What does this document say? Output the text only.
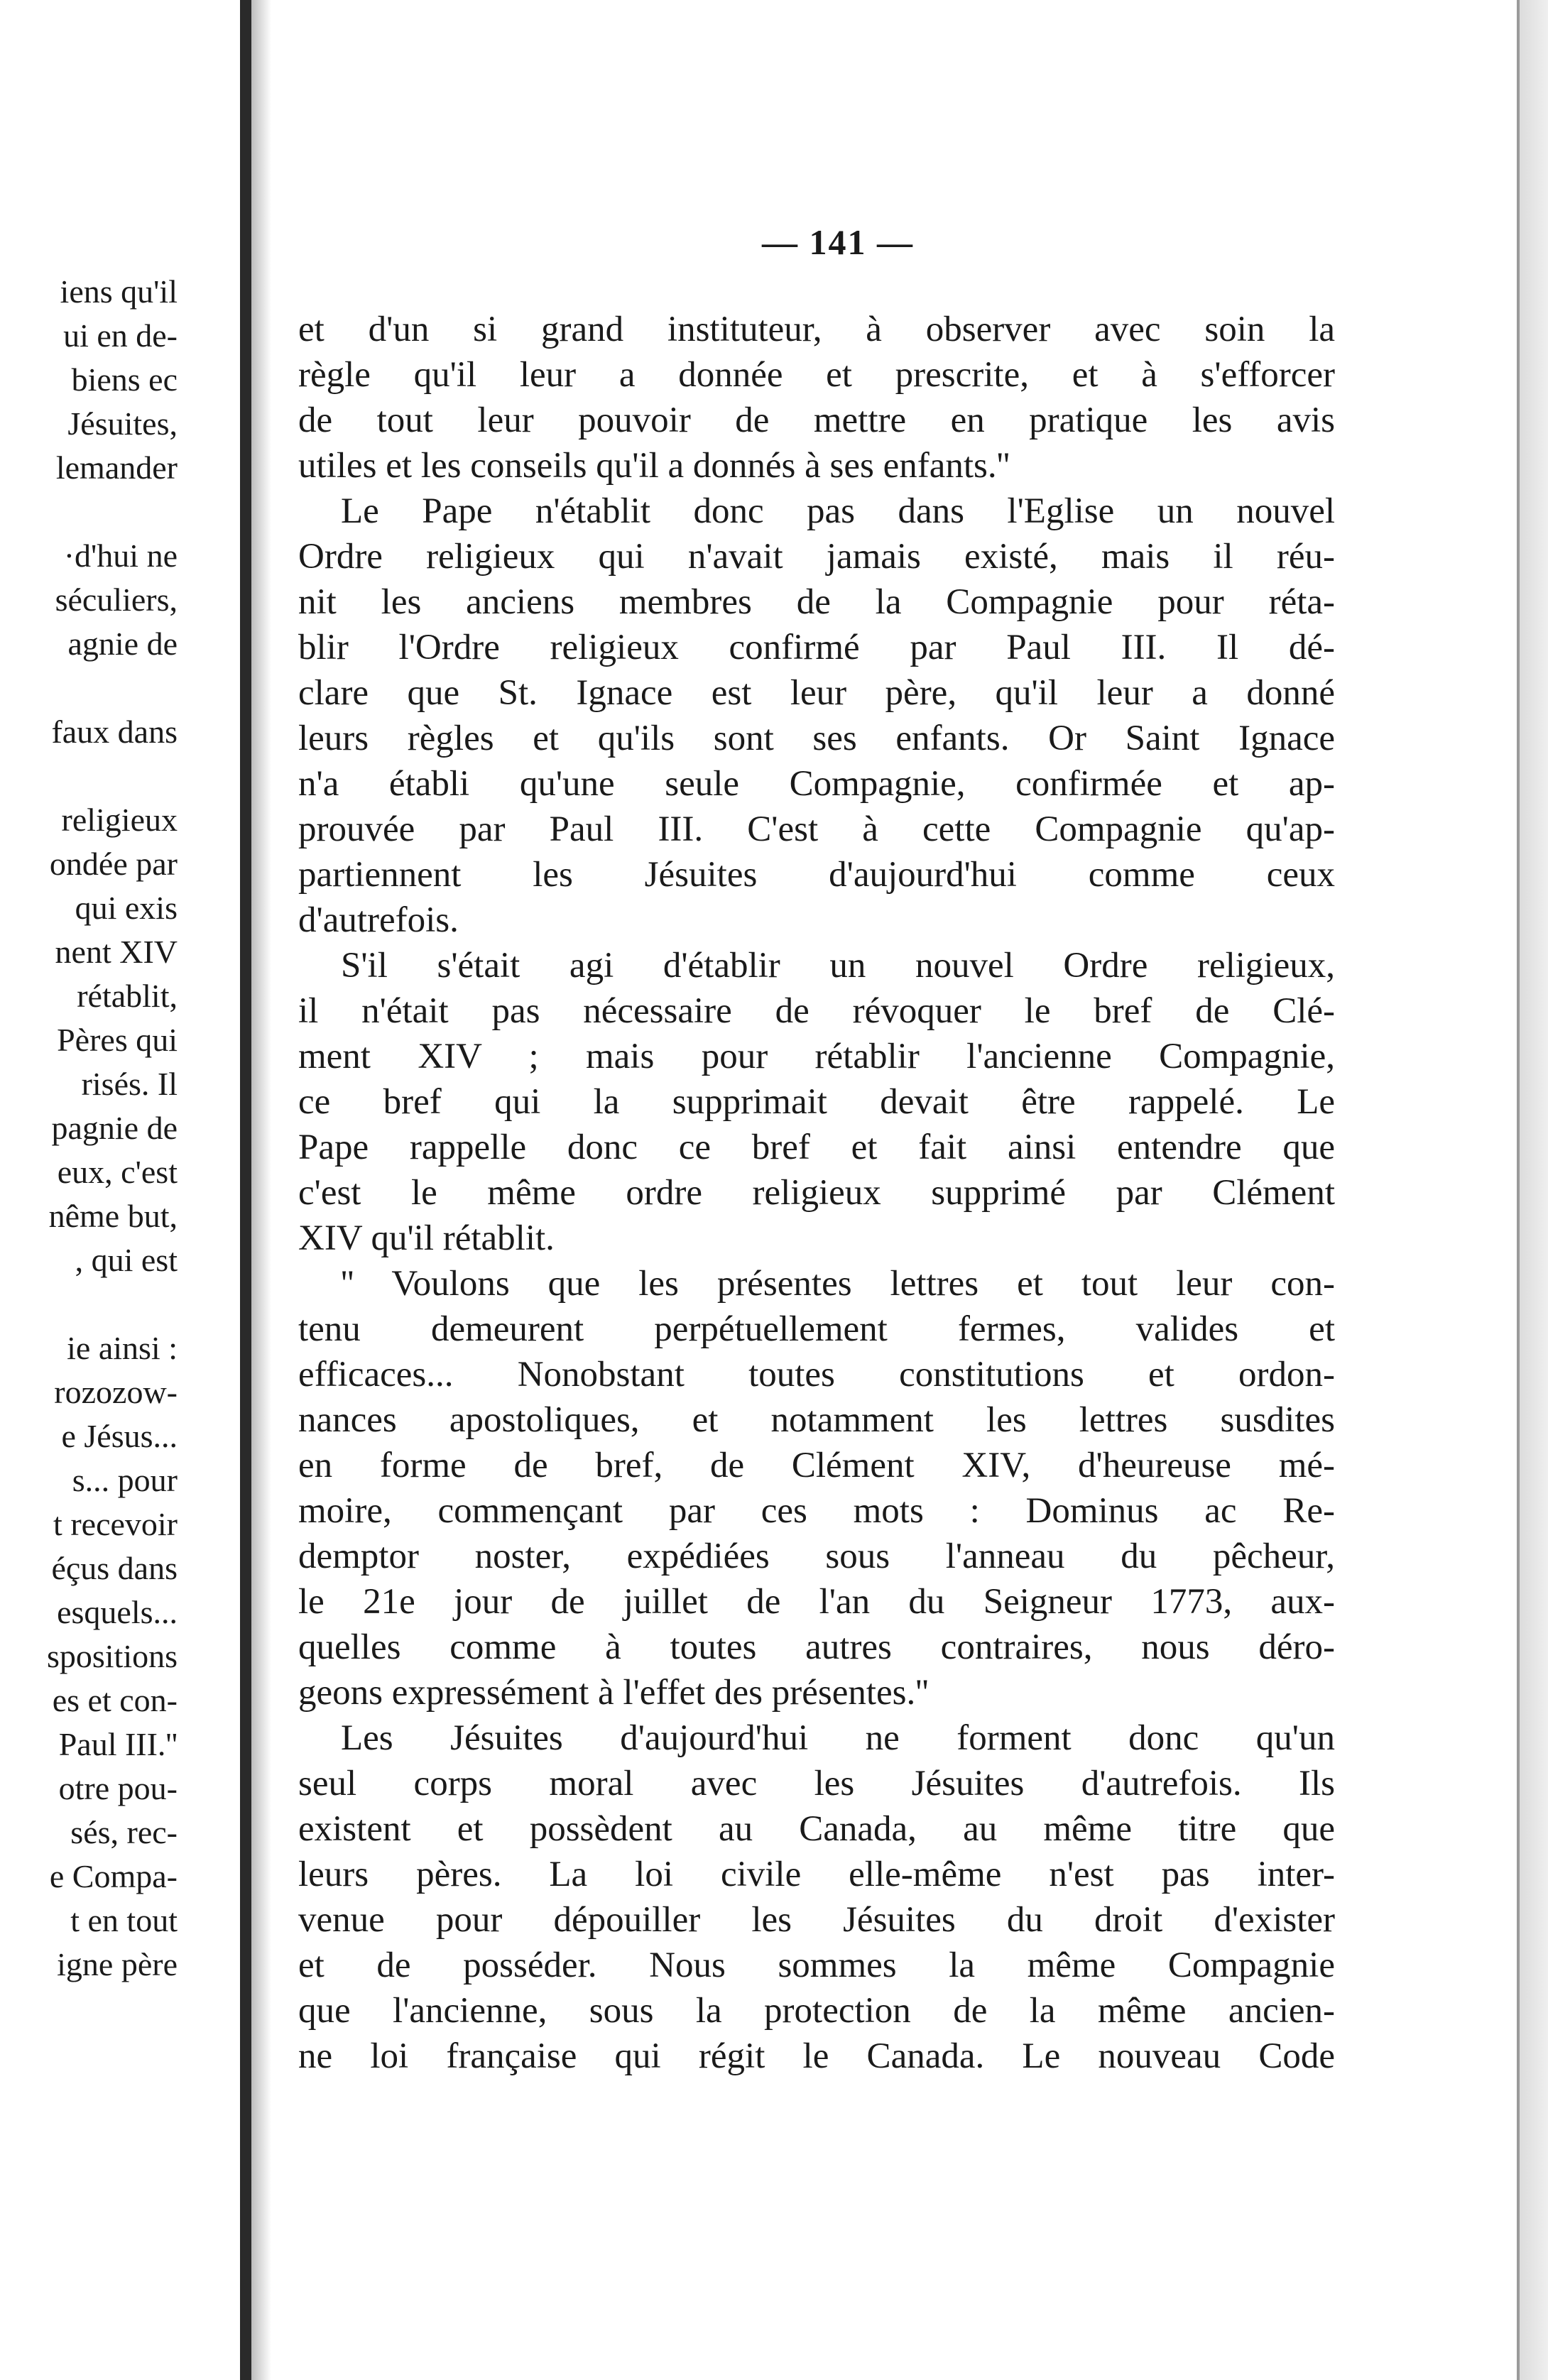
iens qu'il
ui en de-
biens ec
Jésuites,
lemander
·d'hui ne
séculiers,
agnie de
faux dans
religieux
ondée par
qui exis
nent XIV
rétablit,
Pères qui
risés. Il
pagnie de
eux, c'est
nême but,
, qui est
ie ainsi :
rozozow-
e Jésus...
s... pour
t recevoir
éçus dans
esquels...
spositions
es et con-
Paul III.''
otre pou-
sés, rec-
e Compa-
t en tout
igne père
— 141 —
et d'un si grand instituteur, à observer avec soin la
règle qu'il leur a donnée et prescrite, et à s'efforcer
de tout leur pouvoir de mettre en pratique les avis
utiles et les conseils qu'il a donnés à ses enfants.''
Le Pape n'établit donc pas dans l'Eglise un nouvel
Ordre religieux qui n'avait jamais existé, mais il réu-
nit les anciens membres de la Compagnie pour réta-
blir l'Ordre religieux confirmé par Paul III. Il dé-
clare que St. Ignace est leur père, qu'il leur a donné
leurs règles et qu'ils sont ses enfants. Or Saint Ignace
n'a établi qu'une seule Compagnie, confirmée et ap-
prouvée par Paul III. C'est à cette Compagnie qu'ap-
partiennent les Jésuites d'aujourd'hui comme ceux
d'autrefois.
S'il s'était agi d'établir un nouvel Ordre religieux,
il n'était pas nécessaire de révoquer le bref de Clé-
ment XIV ; mais pour rétablir l'ancienne Compagnie,
ce bref qui la supprimait devait être rappelé. Le
Pape rappelle donc ce bref et fait ainsi entendre que
c'est le même ordre religieux supprimé par Clément
XIV qu'il rétablit.
'' Voulons que les présentes lettres et tout leur con-
tenu demeurent perpétuellement fermes, valides et
efficaces... Nonobstant toutes constitutions et ordon-
nances apostoliques, et notamment les lettres susdites
en forme de bref, de Clément XIV, d'heureuse mé-
moire, commençant par ces mots : Dominus ac Re-
demptor noster, expédiées sous l'anneau du pêcheur,
le 21e jour de juillet de l'an du Seigneur 1773, aux-
quelles comme à toutes autres contraires, nous déro-
geons expressément à l'effet des présentes.''
Les Jésuites d'aujourd'hui ne forment donc qu'un
seul corps moral avec les Jésuites d'autrefois. Ils
existent et possèdent au Canada, au même titre que
leurs pères. La loi civile elle-même n'est pas inter-
venue pour dépouiller les Jésuites du droit d'exister
et de posséder. Nous sommes la même Compagnie
que l'ancienne, sous la protection de la même ancien-
ne loi française qui régit le Canada. Le nouveau Code
